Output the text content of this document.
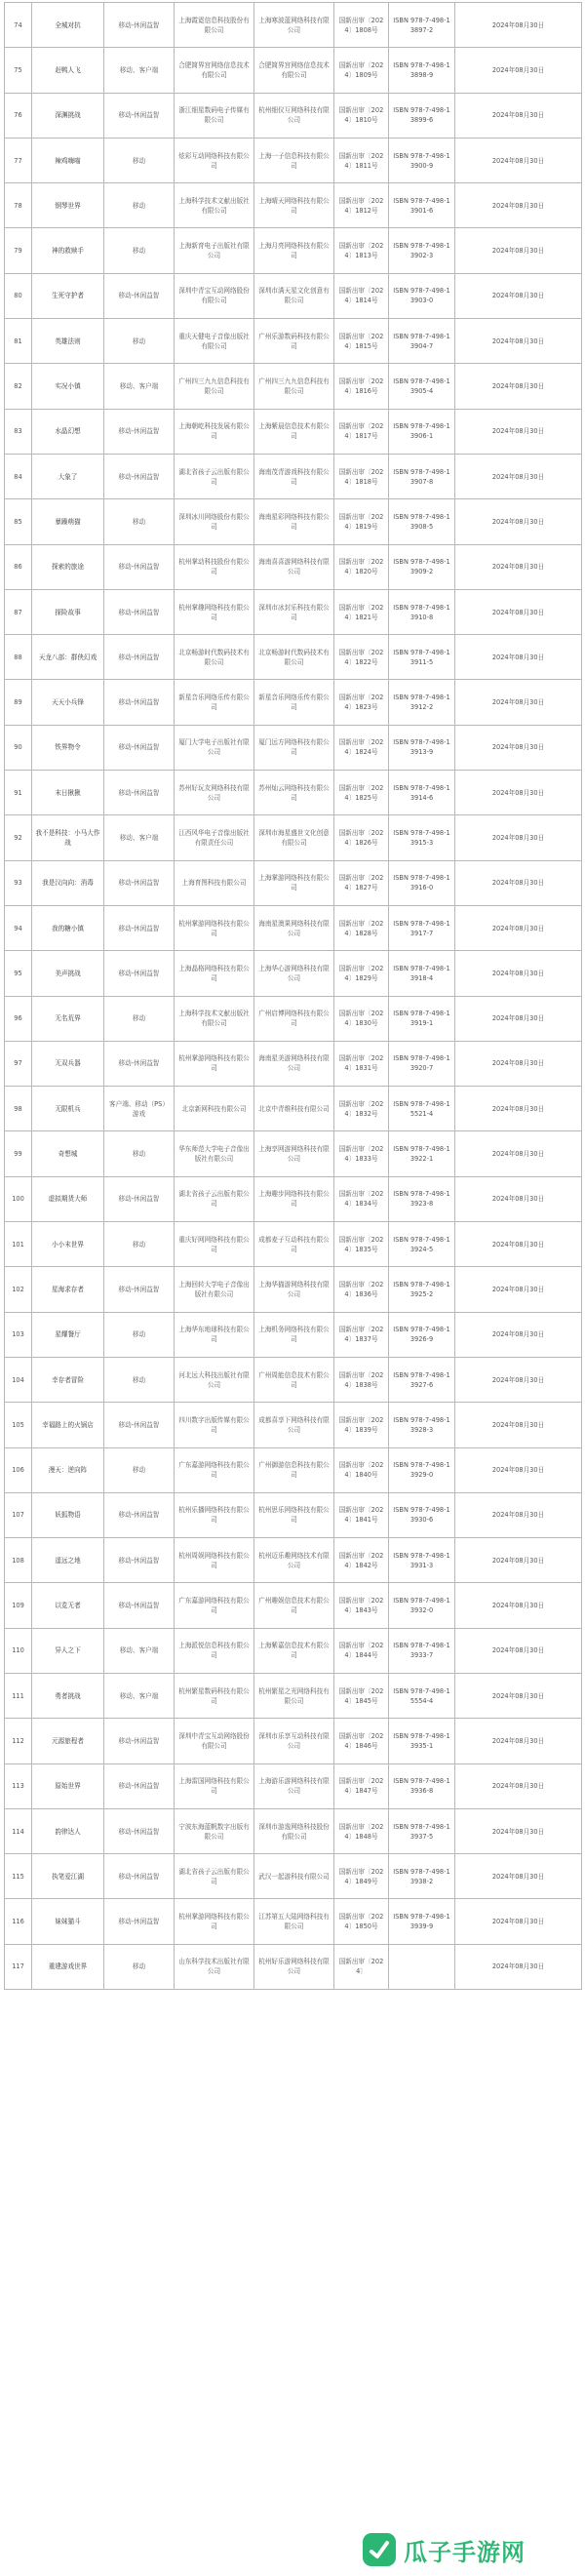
74	全城对抗	移动-休闲益智	上海霞霓信息科技股份有限公司	上海寒波蓝网络科技有限公司	国新出审〔2024〕1808号	ISBN 978-7-498-13897-2	2024年08月30日
75	赶鸭人飞	移动、客户端	合肥简界宫网络信息技术有限公司	合肥简界宫网络信息技术有限公司	国新出审〔2024〕1809号	ISBN 978-7-498-13898-9	2024年08月30日
76	深渊挑战	移动-休闲益智	浙江细星数码电子传媒有限公司	杭州细仪互网络科技有限公司	国新出审〔2024〕1810号	ISBN 978-7-498-13899-6	2024年08月30日
77	辣鸡嗨喵	移动	炫彩互动网络科技有限公司	上海一子信息科技有限公司	国新出审〔2024〕1811号	ISBN 978-7-498-13900-9	2024年08月30日
78	钢琴世界	移动	上海科学技术文献出版社有限公司	上海晴天网络科技有限公司	国新出审〔2024〕1812号	ISBN 978-7-498-13901-6	2024年08月30日
79	神的救赎手	移动	上海新育电子出版社有限公司	上海月亮网络科技有限公司	国新出审〔2024〕1813号	ISBN 978-7-498-13902-3	2024年08月30日
80	生死守护者	移动-休闲益智	深圳中青宝互动网络股份有限公司	深圳市满天星文化创意有限公司	国新出审〔2024〕1814号	ISBN 978-7-498-13903-0	2024年08月30日
81	英雄法则	移动	重庆天健电子音像出版社有限公司	广州乐游数码科技有限公司	国新出审〔2024〕1815号	ISBN 978-7-498-13904-7	2024年08月30日
82	实况小镇	移动、客户端	广州四三九九信息科技有限公司	广州四三九九信息科技有限公司	国新出审〔2024〕1816号	ISBN 978-7-498-13905-4	2024年08月30日
83	水晶幻想	移动-休闲益智	上海朝屹科技发展有限公司	上海紫晨信息技术有限公司	国新出审〔2024〕1817号	ISBN 978-7-498-13906-1	2024年08月30日
84	大象了	移动-休闲益智	湖北省孩子云出版有限公司	海南茂青游戏科技有限公司	国新出审〔2024〕1818号	ISBN 978-7-498-13907-8	2024年08月30日
85	暴躁萌猫	移动	深圳冰川网络股份有限公司	海南星彩网络科技有限公司	国新出审〔2024〕1819号	ISBN 978-7-498-13908-5	2024年08月30日
86	探索的旅途	移动-休闲益智	杭州掌动科技股份有限公司	海南喜喜游网络科技有限公司	国新出审〔2024〕1820号	ISBN 978-7-498-13909-2	2024年08月30日
87	探险故事	移动-休闲益智	杭州掌趣网络科技有限公司	深圳市冰封乐科技有限公司	国新出审〔2024〕1821号	ISBN 978-7-498-13910-8	2024年08月30日
88	天龙八部：群侠幻戏	移动-休闲益智	北京畅游时代数码技术有限公司	北京畅游时代数码技术有限公司	国新出审〔2024〕1822号	ISBN 978-7-498-13911-5	2024年08月30日
89	天天小兵锋	移动-休闲益智	新星音乐网络乐传有限公司	新星音乐网络乐传有限公司	国新出审〔2024〕1823号	ISBN 978-7-498-13912-2	2024年08月30日
90	铁界物令	移动-休闲益智	厦门大学电子出版社有限公司	厦门远方网络科技有限公司	国新出审〔2024〕1824号	ISBN 978-7-498-13913-9	2024年08月30日
91	末日揪揪	移动-休闲益智	苏州好玩友网络科技有限公司	苏州灿云网络科技有限公司	国新出审〔2024〕1825号	ISBN 978-7-498-13914-6	2024年08月30日
92	我不是科技：小马大作战	移动、客户端	江西风华电子音像出版社有限责任公司	深圳市海星盛世文化创意有限公司	国新出审〔2024〕1826号	ISBN 978-7-498-13915-3	2024年08月30日
93	我是汉向向：消毒	移动-休闲益智	上海育图科技有限公司	上海掌游网络科技有限公司	国新出审〔2024〕1827号	ISBN 978-7-498-13916-0	2024年08月30日
94	我的糖小镇	移动-休闲益智	杭州掌游网络科技有限公司	海南星澳果网络科技有限公司	国新出审〔2024〕1828号	ISBN 978-7-498-13917-7	2024年08月30日
95	美声挑战	移动-休闲益智	上海晶格网络科技有限公司	上海华心游网络科技有限公司	国新出审〔2024〕1829号	ISBN 978-7-498-13918-4	2024年08月30日
96	无名荒界	移动	上海科学技术文献出版社有限公司	广州启博网络科技有限公司	国新出审〔2024〕1830号	ISBN 978-7-498-13919-1	2024年08月30日
97	无双兵器	移动-休闲益智	杭州掌游网络科技有限公司	海南星美游网络科技有限公司	国新出审〔2024〕1831号	ISBN 978-7-498-13920-7	2024年08月30日
98	无限机兵	客户端、移动（PS）游戏	北京新网科技有限公司	北京中青维科技有限公司	国新出审〔2024〕1832号	ISBN 978-7-498-15521-4	2024年08月30日
99	奇想城	移动	华东师范大学电子音像出版社有限公司	上海享网游网络科技有限公司	国新出审〔2024〕1833号	ISBN 978-7-498-13922-1	2024年08月30日
100	虚拟期货大师	移动-休闲益智	湖北省孩子云出版有限公司	上海趣步网络科技有限公司	国新出审〔2024〕1834号	ISBN 978-7-498-13923-8	2024年08月30日
101	小小末世界	移动	重庆好网网络科技有限公司	成都麦子互动科技有限公司	国新出审〔2024〕1835号	ISBN 978-7-498-13924-5	2024年08月30日
102	星海求存者	移动-休闲益智	上海回转大学电子音像出版社有限公司	上海华猫游网络科技有限公司	国新出审〔2024〕1836号	ISBN 978-7-498-13925-2	2024年08月30日
103	星耀餐厅	移动	上海华东地球科技有限公司	上海机务网络科技有限公司	国新出审〔2024〕1837号	ISBN 978-7-498-13926-9	2024年08月30日
104	幸存者冒险	移动	河北远大科技出版社有限公司	广州周能信息技术有限公司	国新出审〔2024〕1838号	ISBN 978-7-498-13927-6	2024年08月30日
105	幸福路上的火锅店	移动-休闲益智	四川数字出版传媒有限公司	成都喜享下网络科技有限公司	国新出审〔2024〕1839号	ISBN 978-7-498-13928-3	2024年08月30日
106	漫天：逆向阵	移动	广东嘉游网络科技有限公司	广州御游信息科技有限公司	国新出审〔2024〕1840号	ISBN 978-7-498-13929-0	2024年08月30日
107	妖狐物语	移动-休闲益智	杭州乐播网络科技有限公司	杭州思乐网络科技有限公司	国新出审〔2024〕1841号	ISBN 978-7-498-13930-6	2024年08月30日
108	遥远之地	移动-休闲益智	杭州周娱网络科技有限公司	杭州迈乐趣网络技术有限公司	国新出审〔2024〕1842号	ISBN 978-7-498-13931-3	2024年08月30日
109	以览无者	移动-休闲益智	广东嘉游网络科技有限公司	广州趣娱信息技术有限公司	国新出审〔2024〕1843号	ISBN 978-7-498-13932-0	2024年08月30日
110	异人之下	移动、客户端	上海派悦信息科技有限公司	上海紫嘉信息技术有限公司	国新出审〔2024〕1844号	ISBN 978-7-498-13933-7	2024年08月30日
111	勇者挑战	移动、客户端	杭州繁星数码科技有限公司	杭州繁星之光网络科技有限公司	国新出审〔2024〕1845号	ISBN 978-7-498-15554-4	2024年08月30日
112	元源旅程者	移动-休闲益智	深圳中青宝互动网络股份有限公司	深圳市乐享互动科技有限公司	国新出审〔2024〕1846号	ISBN 978-7-498-13935-1	2024年08月30日
113	原始世界	移动-休闲益智	上海雷国网络科技有限公司	上海游乐游网络科技有限公司	国新出审〔2024〕1847号	ISBN 978-7-498-13936-8	2024年08月30日
114	韵律达人	移动-休闲益智	宁波东海蓝帆数字出版有限公司	深圳市游逸网络科技股份有限公司	国新出审〔2024〕1848号	ISBN 978-7-498-13937-5	2024年08月30日
115	执笔爱江湖	移动-休闲益智	湖北省孩子云出版有限公司	武汉一起游科技有限公司	国新出审〔2024〕1849号	ISBN 978-7-498-13938-2	2024年08月30日
116	妹妹猫斗	移动-休闲益智	杭州掌游网络科技有限公司	江苏第五大陆网络科技有限公司	国新出审〔2024〕1850号	ISBN 978-7-498-13939-9	2024年08月30日
117	重建游戏世界	移动	山东科学技术出版社有限公司	杭州好乐游网络科技有限公司	国新出审〔2024〕		2024年08月30日
瓜子手游网
